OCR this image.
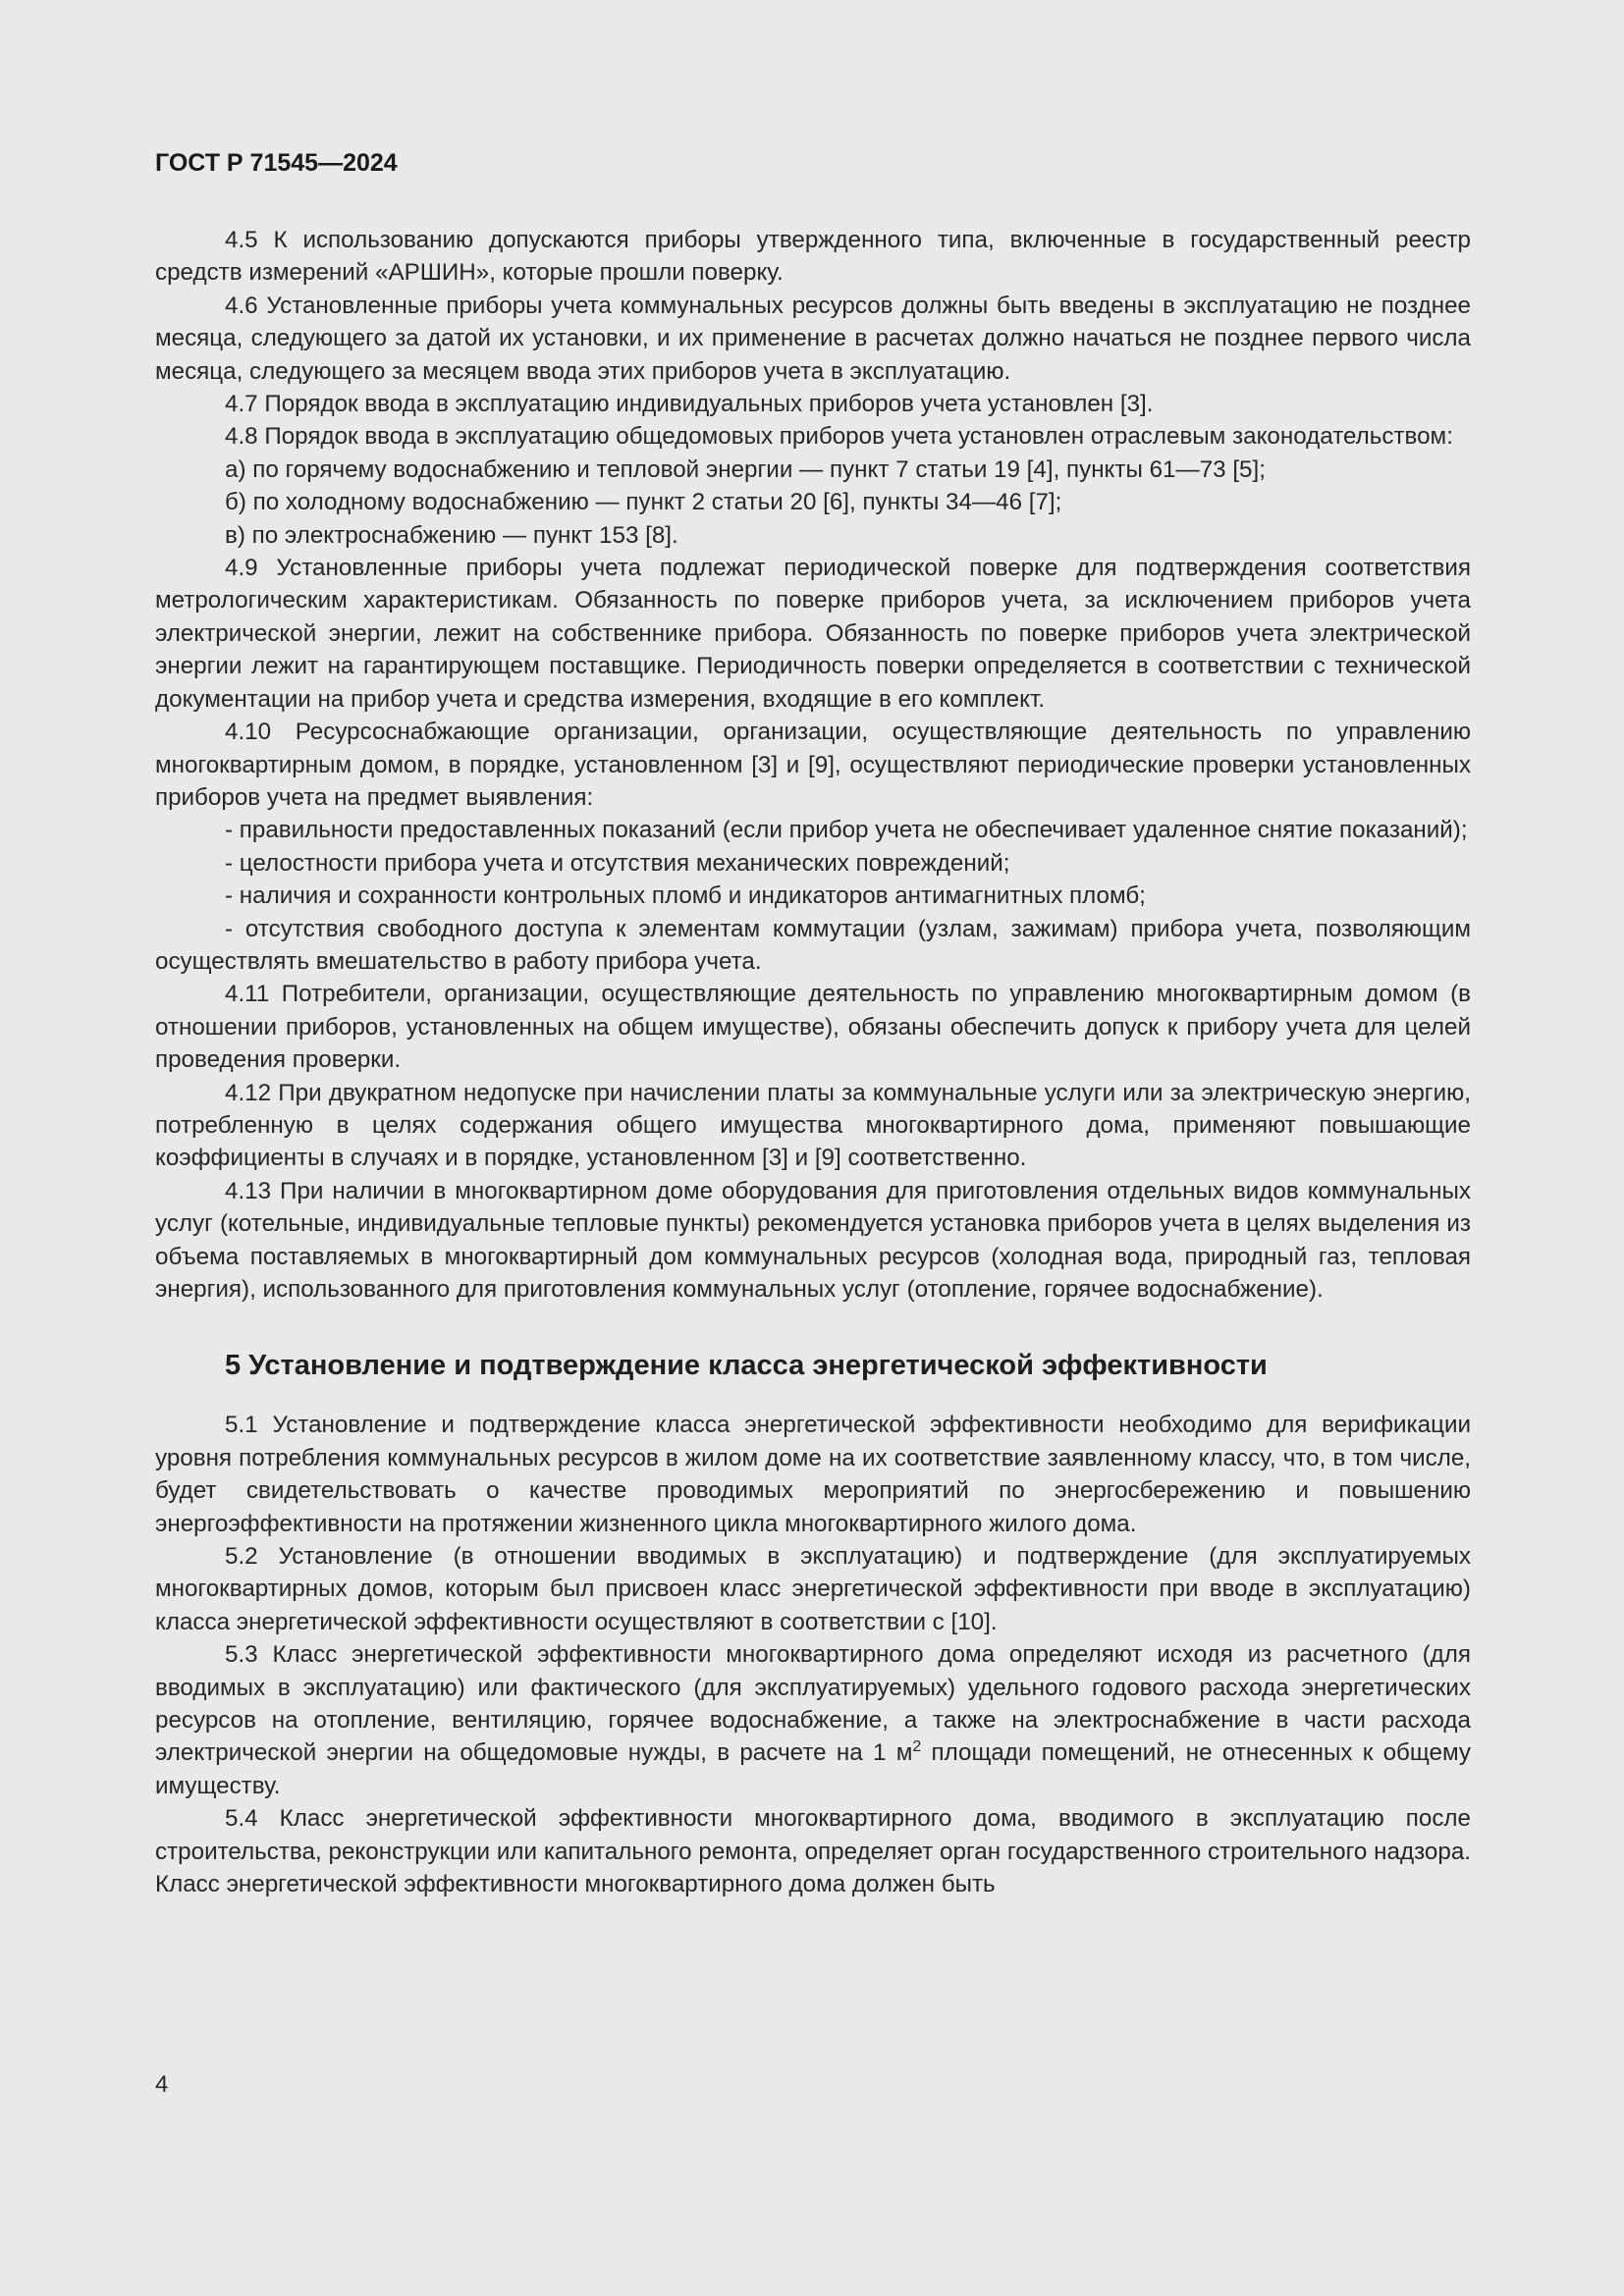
ГОСТ Р 71545—2024

4.5 К использованию допускаются приборы утвержденного типа, включенные в государственный реестр средств измерений «АРШИН», которые прошли поверку.

4.6 Установленные приборы учета коммунальных ресурсов должны быть введены в эксплуатацию не позднее месяца, следующего за датой их установки, и их применение в расчетах должно начаться не позднее первого числа месяца, следующего за месяцем ввода этих приборов учета в эксплуатацию.

4.7 Порядок ввода в эксплуатацию индивидуальных приборов учета установлен [3].

4.8 Порядок ввода в эксплуатацию общедомовых приборов учета установлен отраслевым законодательством:

а) по горячему водоснабжению и тепловой энергии — пункт 7 статьи 19 [4], пункты 61—73 [5];

б) по холодному водоснабжению — пункт 2 статьи 20 [6], пункты 34—46 [7];

в) по электроснабжению — пункт 153 [8].

4.9 Установленные приборы учета подлежат периодической поверке для подтверждения соответствия метрологическим характеристикам. Обязанность по поверке приборов учета, за исключением приборов учета электрической энергии, лежит на собственнике прибора. Обязанность по поверке приборов учета электрической энергии лежит на гарантирующем поставщике. Периодичность поверки определяется в соответствии с технической документации на прибор учета и средства измерения, входящие в его комплект.

4.10 Ресурсоснабжающие организации, организации, осуществляющие деятельность по управлению многоквартирным домом, в порядке, установленном [3] и [9], осуществляют периодические проверки установленных приборов учета на предмет выявления:

- правильности предоставленных показаний (если прибор учета не обеспечивает удаленное снятие показаний);

- целостности прибора учета и отсутствия механических повреждений;

- наличия и сохранности контрольных пломб и индикаторов антимагнитных пломб;

- отсутствия свободного доступа к элементам коммутации (узлам, зажимам) прибора учета, позволяющим осуществлять вмешательство в работу прибора учета.

4.11 Потребители, организации, осуществляющие деятельность по управлению многоквартирным домом (в отношении приборов, установленных на общем имуществе), обязаны обеспечить допуск к прибору учета для целей проведения проверки.

4.12 При двукратном недопуске при начислении платы за коммунальные услуги или за электрическую энергию, потребленную в целях содержания общего имущества многоквартирного дома, применяют повышающие коэффициенты в случаях и в порядке, установленном [3] и [9] соответственно.

4.13 При наличии в многоквартирном доме оборудования для приготовления отдельных видов коммунальных услуг (котельные, индивидуальные тепловые пункты) рекомендуется установка приборов учета в целях выделения из объема поставляемых в многоквартирный дом коммунальных ресурсов (холодная вода, природный газ, тепловая энергия), использованного для приготовления коммунальных услуг (отопление, горячее водоснабжение).

5 Установление и подтверждение класса энергетической эффективности

5.1 Установление и подтверждение класса энергетической эффективности необходимо для верификации уровня потребления коммунальных ресурсов в жилом доме на их соответствие заявленному классу, что, в том числе, будет свидетельствовать о качестве проводимых мероприятий по энергосбережению и повышению энергоэффективности на протяжении жизненного цикла многоквартирного жилого дома.

5.2 Установление (в отношении вводимых в эксплуатацию) и подтверждение (для эксплуатируемых многоквартирных домов, которым был присвоен класс энергетической эффективности при вводе в эксплуатацию) класса энергетической эффективности осуществляют в соответствии с [10].

5.3 Класс энергетической эффективности многоквартирного дома определяют исходя из расчетного (для вводимых в эксплуатацию) или фактического (для эксплуатируемых) удельного годового расхода энергетических ресурсов на отопление, вентиляцию, горячее водоснабжение, а также на электроснабжение в части расхода электрической энергии на общедомовые нужды, в расчете на 1 $м^2$ площади помещений, не отнесенных к общему имуществу.

5.4 Класс энергетической эффективности многоквартирного дома, вводимого в эксплуатацию после строительства, реконструкции или капитального ремонта, определяет орган государственного строительного надзора. Класс энергетической эффективности многоквартирного дома должен быть

4
